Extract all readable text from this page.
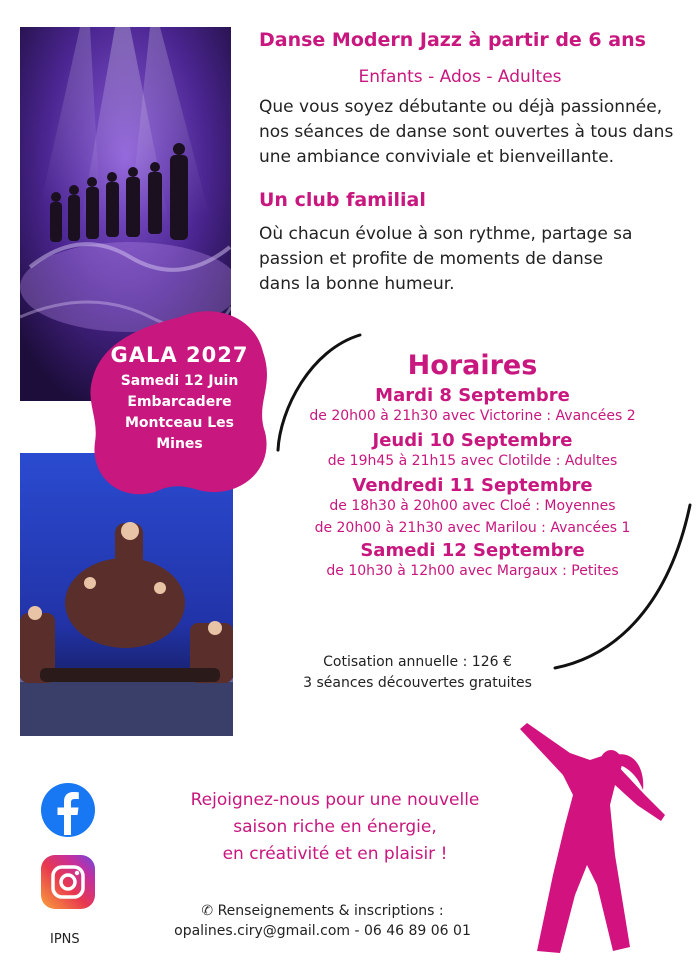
GALA 2027
Samedi 12 Juin
Embarcadere
Montceau Les
Mines
Danse Modern Jazz à partir de 6 ans
Enfants - Ados - Adultes
Que vous soyez débutante ou déjà passionnée,
nos séances de danse sont ouvertes à tous dans
une ambiance conviviale et bienveillante.
Un club familial
Où chacun évolue à son rythme, partage sa
passion et profite de moments de danse
dans la bonne humeur.
Horaires
Mardi 8 Septembre
de 20h00 à 21h30 avec Victorine : Avancées 2
Jeudi 10 Septembre
de 19h45 à 21h15 avec Clotilde : Adultes
Vendredi 11 Septembre
de 18h30 à 20h00 avec Cloé : Moyennes
de 20h00 à 21h30 avec Marilou : Avancées 1
Samedi 12 Septembre
de 10h30 à 12h00 avec Margaux : Petites
Cotisation annuelle : 126 €
3 séances découvertes gratuites
IPNS
Rejoignez-nous pour une nouvelle
saison riche en énergie,
en créativité et en plaisir !
✆ Renseignements & inscriptions :
opalines.ciry@gmail.com - 06 46 89 06 01
